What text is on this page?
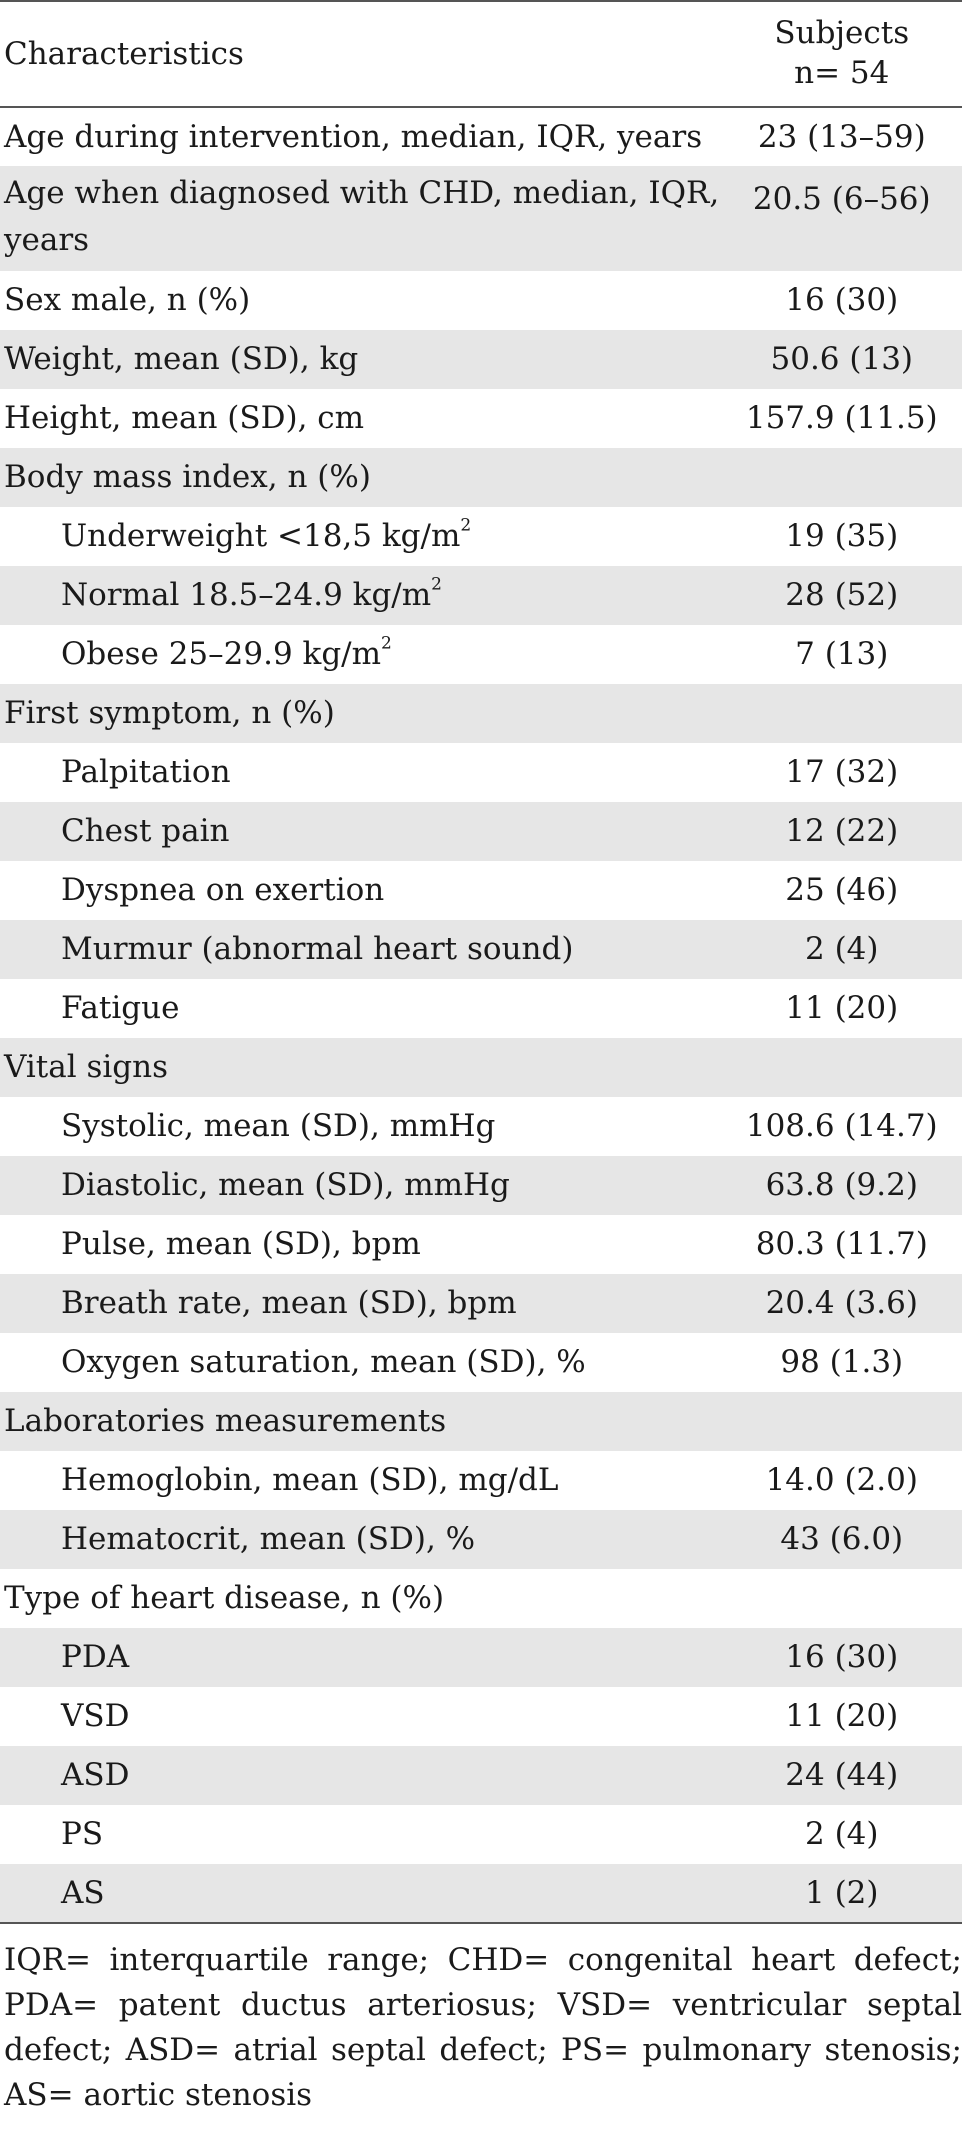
Characteristics	Subjects
n= 54
Age during intervention, median, IQR, years	23 (13–59)
Age when diagnosed with CHD, median, IQR, years	20.5 (6–56)
Sex male, n (%)	16 (30)
Weight, mean (SD), kg	50.6 (13)
Height, mean (SD), cm	157.9 (11.5)
Body mass index, n (%)	
Underweight <18,5 $kg/m^2$	19 (35)
Normal 18.5–24.9 $kg/m^2$	28 (52)
Obese 25–29.9 $kg/m^2$	7 (13)
First symptom, n (%)	
Palpitation	17 (32)
Chest pain	12 (22)
Dyspnea on exertion	25 (46)
Murmur (abnormal heart sound)	2 (4)
Fatigue	11 (20)
Vital signs	
Systolic, mean (SD), mmHg	108.6 (14.7)
Diastolic, mean (SD), mmHg	63.8 (9.2)
Pulse, mean (SD), bpm	80.3 (11.7)
Breath rate, mean (SD), bpm	20.4 (3.6)
Oxygen saturation, mean (SD), %	98 (1.3)
Laboratories measurements	
Hemoglobin, mean (SD), mg/dL	14.0 (2.0)
Hematocrit, mean (SD), %	43 (6.0)
Type of heart disease, n (%)	
PDA	16 (30)
VSD	11 (20)
ASD	24 (44)
PS	2 (4)
AS	1 (2)

IQR= interquartile range; CHD= congenital heart defect; PDA= patent ductus arteriosus; VSD= ventricular septal defect; ASD= atrial septal defect; PS= pulmonary stenosis; AS= aortic stenosis
